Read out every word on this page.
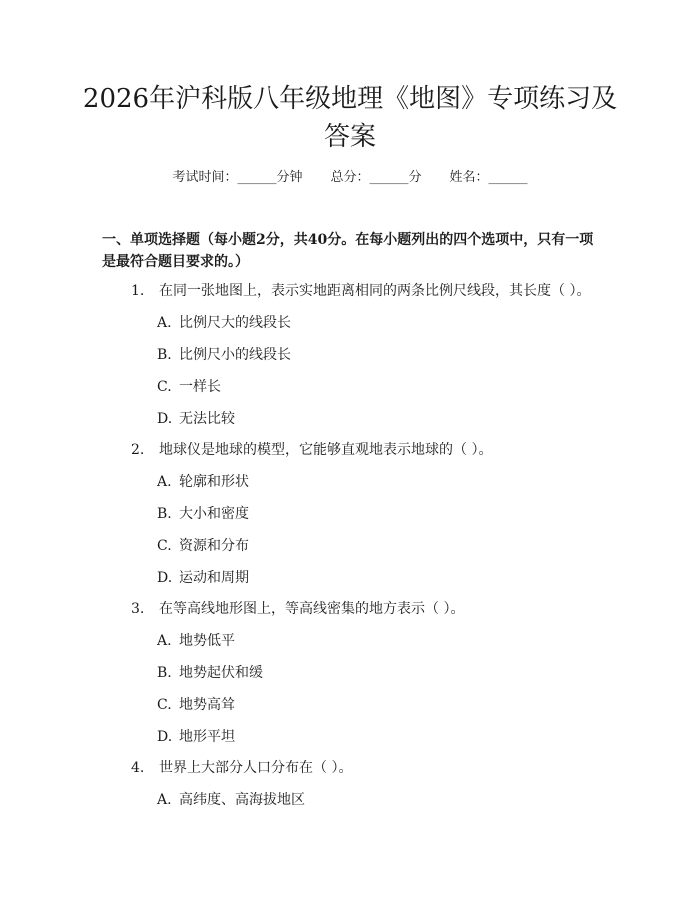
2026年沪科版八年级地理《地图》专项练习及答案
考试时间：______分钟 总分：______分 姓名：______

一、单项选择题（每小题2分，共40分。在每小题列出的四个选项中，只有一项是最符合题目要求的。）

1. 在同一张地图上，表示实地距离相同的两条比例尺线段，其长度（ ）。
A. 比例尺大的线段长
B. 比例尺小的线段长
C. 一样长
D. 无法比较
2. 地球仪是地球的模型，它能够直观地表示地球的（ ）。
A. 轮廓和形状
B. 大小和密度
C. 资源和分布
D. 运动和周期
3. 在等高线地形图上，等高线密集的地方表示（ ）。
A. 地势低平
B. 地势起伏和缓
C. 地势高耸
D. 地形平坦
4. 世界上大部分人口分布在（ ）。
A. 高纬度、高海拔地区
